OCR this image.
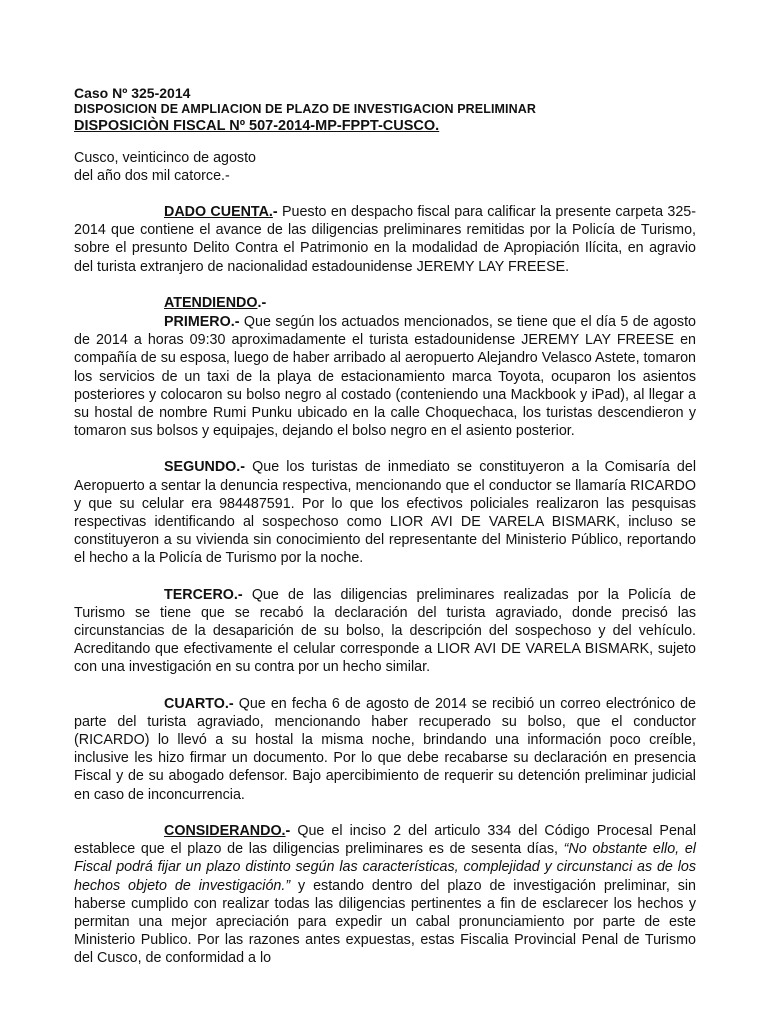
Caso Nº 325-2014
DISPOSICION DE AMPLIACION DE PLAZO DE INVESTIGACION PRELIMINAR
DISPOSICIÒN FISCAL Nº 507-2014-MP-FPPT-CUSCO.
Cusco, veinticinco de agosto
del año dos mil catorce.-

DADO CUENTA.- Puesto en despacho fiscal para calificar la presente carpeta 325-2014 que contiene el avance de las diligencias preliminares remitidas por la Policía de Turismo, sobre el presunto Delito Contra el Patrimonio en la modalidad de Apropiación Ilícita, en agravio del turista extranjero de nacionalidad estadounidense JEREMY LAY FREESE.

ATENDIENDO.-

PRIMERO.- Que según los actuados mencionados, se tiene que el día 5 de agosto de 2014 a horas 09:30 aproximadamente el turista estadounidense JEREMY LAY FREESE en compañía de su esposa, luego de haber arribado al aeropuerto Alejandro Velasco Astete, tomaron los servicios de un taxi de la playa de estacionamiento marca Toyota, ocuparon los asientos posteriores y colocaron su bolso negro al costado (conteniendo una Mackbook y iPad), al llegar a su hostal de nombre Rumi Punku ubicado en la calle Choquechaca, los turistas descendieron y tomaron sus bolsos y equipajes, dejando el bolso negro en el asiento posterior.

SEGUNDO.- Que los turistas de inmediato se constituyeron a la Comisaría del Aeropuerto a sentar la denuncia respectiva, mencionando que el conductor se llamaría RICARDO y que su celular era 984487591. Por lo que los efectivos policiales realizaron las pesquisas respectivas identificando al sospechoso como LIOR AVI DE VARELA BISMARK, incluso se constituyeron a su vivienda sin conocimiento del representante del Ministerio Público, reportando el hecho a la Policía de Turismo por la noche.

TERCERO.- Que de las diligencias preliminares realizadas por la Policía de Turismo se tiene que se recabó la declaración del turista agraviado, donde precisó las circunstancias de la desaparición de su bolso, la descripción del sospechoso y del vehículo. Acreditando que efectivamente el celular corresponde a LIOR AVI DE VARELA BISMARK, sujeto con una investigación en su contra por un hecho similar.

CUARTO.- Que en fecha 6 de agosto de 2014 se recibió un correo electrónico de parte del turista agraviado, mencionando haber recuperado su bolso, que el conductor (RICARDO) lo llevó a su hostal la misma noche, brindando una información poco creíble, inclusive les hizo firmar un documento. Por lo que debe recabarse su declaración en presencia Fiscal y de su abogado defensor. Bajo apercibimiento de requerir su detención preliminar judicial en caso de inconcurrencia.

CONSIDERANDO.- Que el inciso 2 del articulo 334 del Código Procesal Penal establece que el plazo de las diligencias preliminares es de sesenta días, “No obstante ello, el Fiscal podrá fijar un plazo distinto según las características, complejidad y circunstanci as de los hechos objeto de investigación.” y estando dentro del plazo de investigación preliminar, sin haberse cumplido con realizar todas las diligencias pertinentes a fin de esclarecer los hechos y permitan una mejor apreciación para expedir un cabal pronunciamiento por parte de este Ministerio Publico. Por las razones antes expuestas, estas Fiscalia Provincial Penal de Turismo del Cusco, de conformidad a lo
